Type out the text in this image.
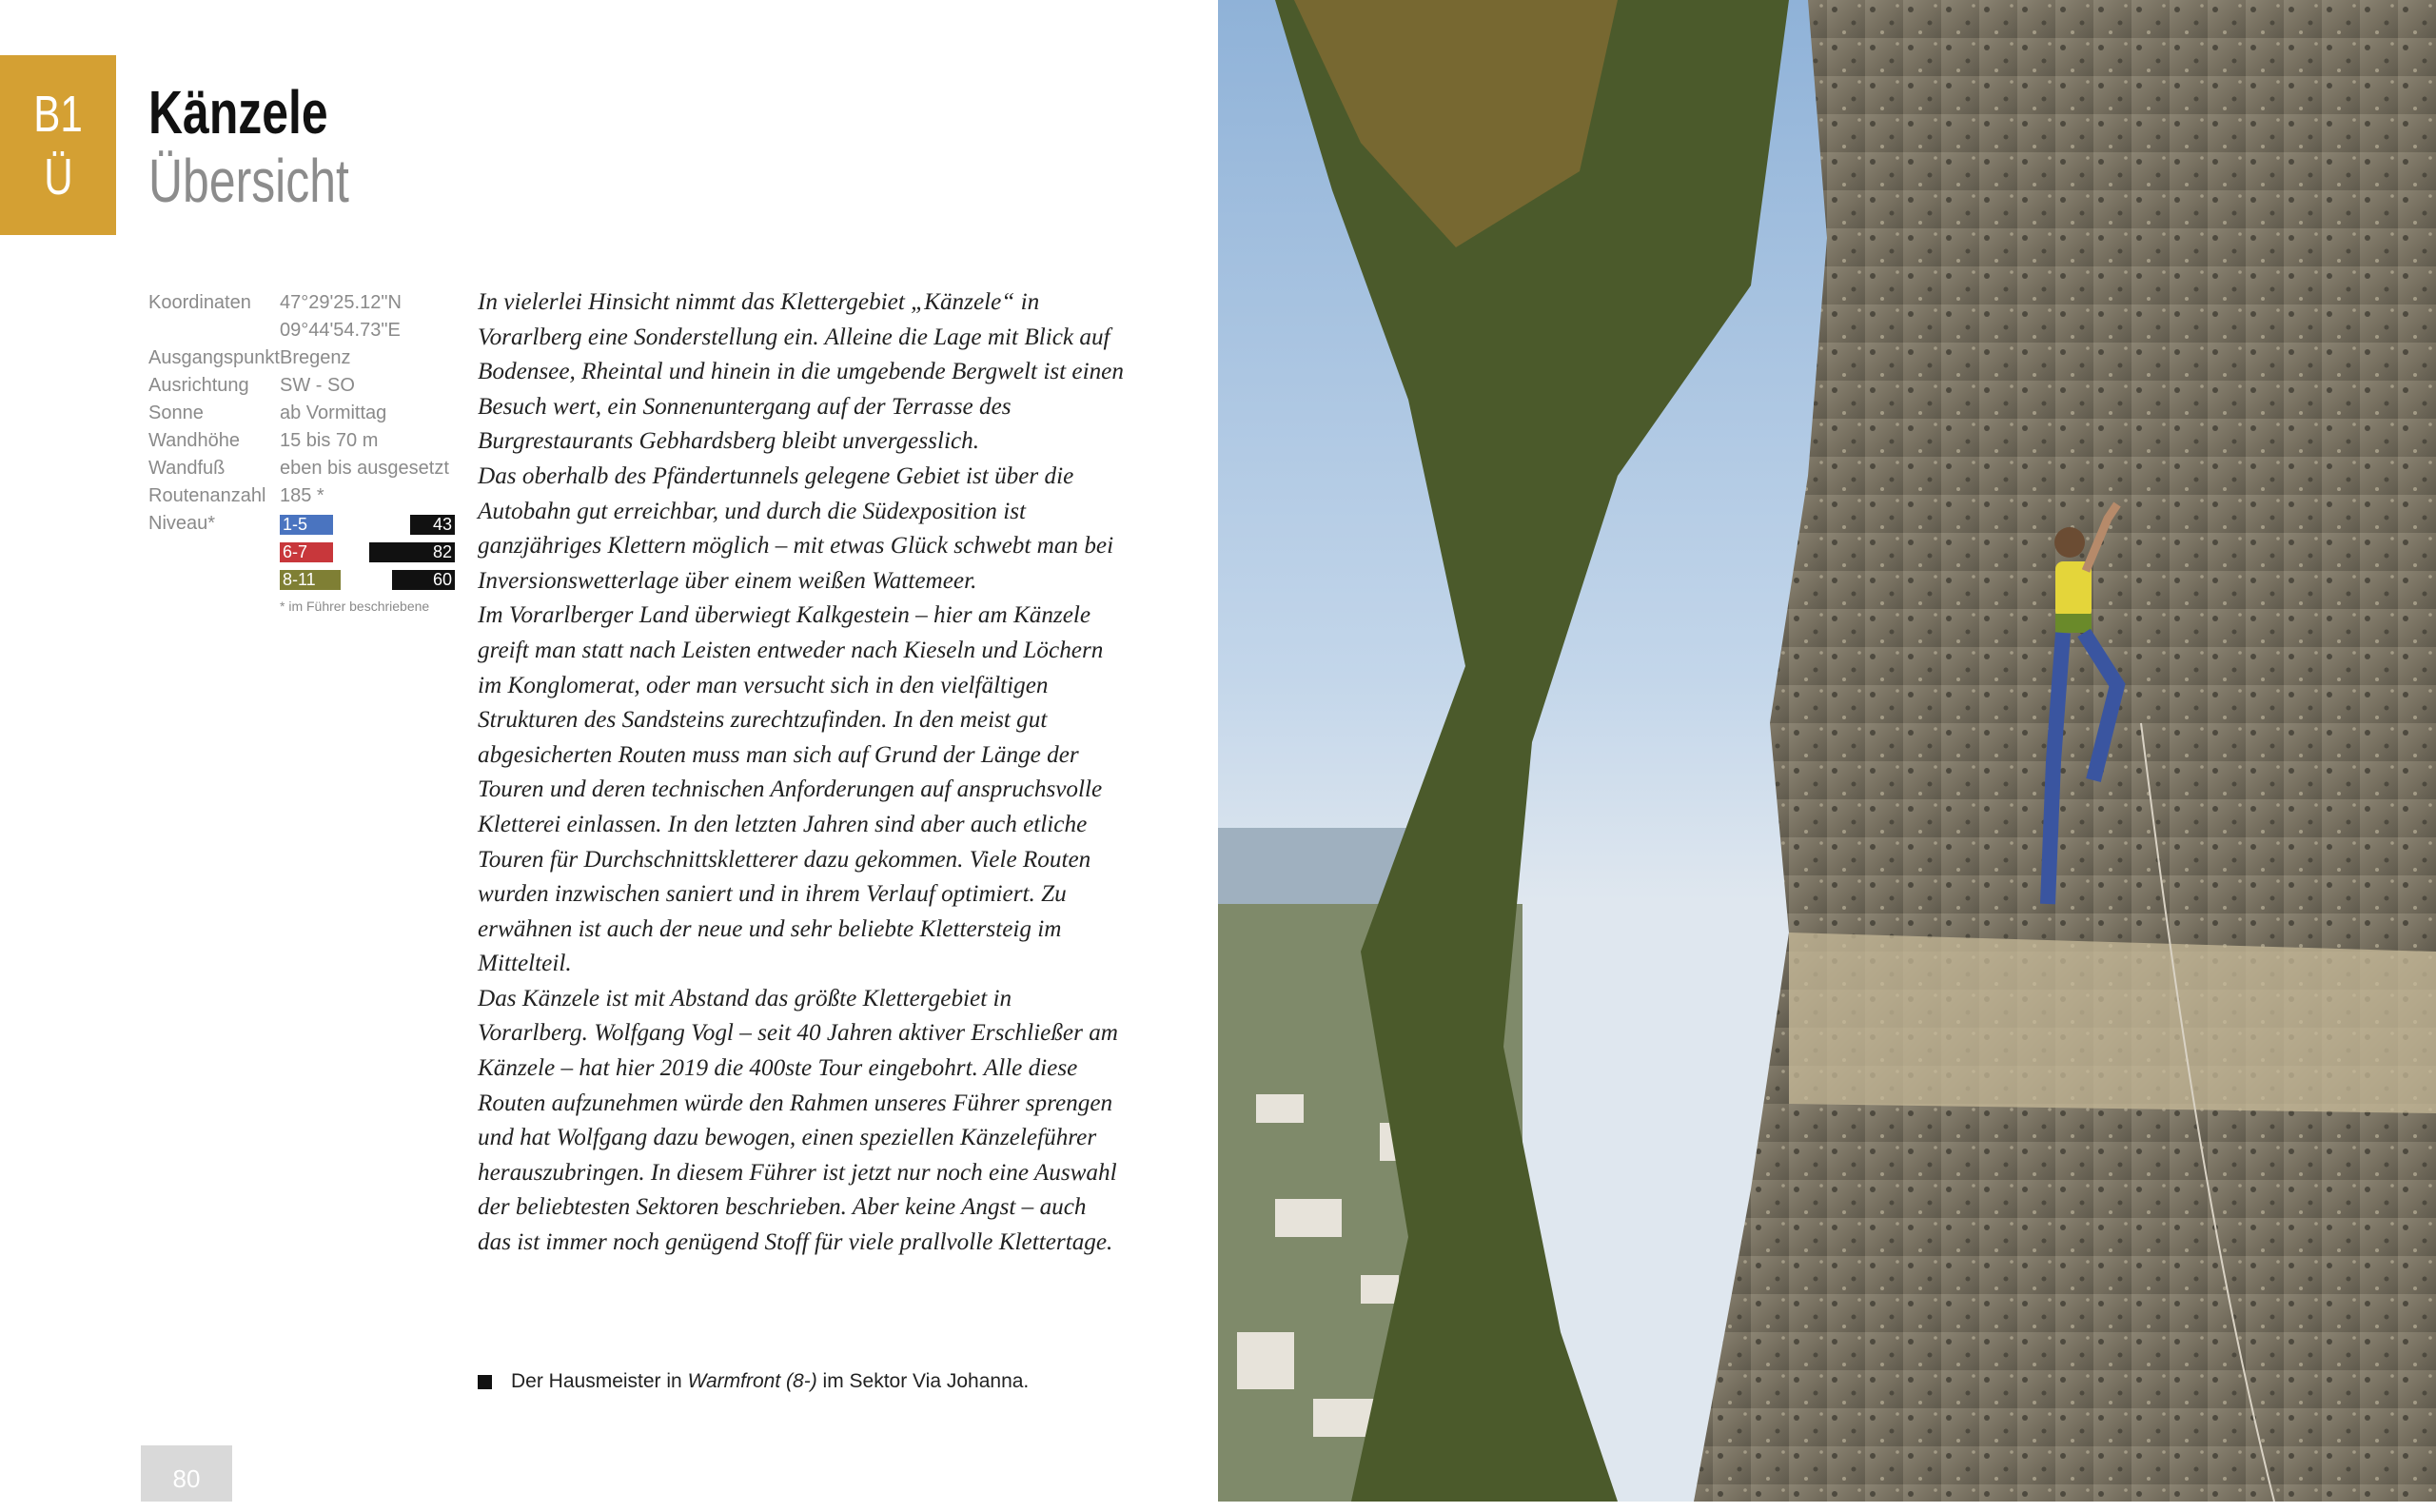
B1
Ü
Känzele
Übersicht
Koordinaten	47°29'25.12"N
09°44'54.73"E
Ausgangspunkt Bregenz
Ausrichtung	SW - SO
Sonne	ab Vormittag
Wandhöhe	15 bis 70 m
Wandfuß	eben bis ausgesetzt
Routenanzahl 185 *
Niveau*	1-5	43
6-7	82
8-11	60
* im Führer beschriebene

In vielerlei Hinsicht nimmt das Klettergebiet „Känzele“ in Vorarlberg eine Sonderstellung ein. Alleine die Lage mit Blick auf Bodensee, Rheintal und hinein in die umgebende Bergwelt ist einen Besuch wert, ein Sonnenuntergang auf der Terrasse des Burgrestaurants Gebhardsberg bleibt unvergesslich.

Das oberhalb des Pfändertunnels gelegene Gebiet ist über die Autobahn gut erreichbar, und durch die Südexposition ist ganzjähriges Klettern möglich – mit etwas Glück schwebt man bei Inversionswetterlage über einem weißen Wattemeer.

Im Vorarlberger Land überwiegt Kalkgestein – hier am Känzele greift man statt nach Leisten entweder nach Kieseln und Löchern im Konglomerat, oder man versucht sich in den vielfältigen Strukturen des Sandsteins zurechtzufinden. In den meist gut abgesicherten Routen muss man sich auf Grund der Länge der Touren und deren technischen Anforderungen auf anspruchsvolle Kletterei einlassen. In den letzten Jahren sind aber auch etliche Touren für Durchschnittskletterer dazu gekommen. Viele Routen wurden inzwischen saniert und in ihrem Verlauf optimiert. Zu erwähnen ist auch der neue und sehr beliebte Klettersteig im Mittelteil.

Das Känzele ist mit Abstand das größte Klettergebiet in Vorarlberg. Wolfgang Vogl – seit 40 Jahren aktiver Erschließer am Känzele – hat hier 2019 die 400ste Tour eingebohrt. Alle diese Routen aufzunehmen würde den Rahmen unseres Führer sprengen und hat Wolfgang dazu bewogen, einen speziellen Känzeleführer herauszubringen. In diesem Führer ist jetzt nur noch eine Auswahl der beliebtesten Sektoren beschrieben. Aber keine Angst – auch das ist immer noch genügend Stoff für viele prallvolle Klettertage.

Der Hausmeister in Warmfront (8-) im Sektor Via Johanna.
80
